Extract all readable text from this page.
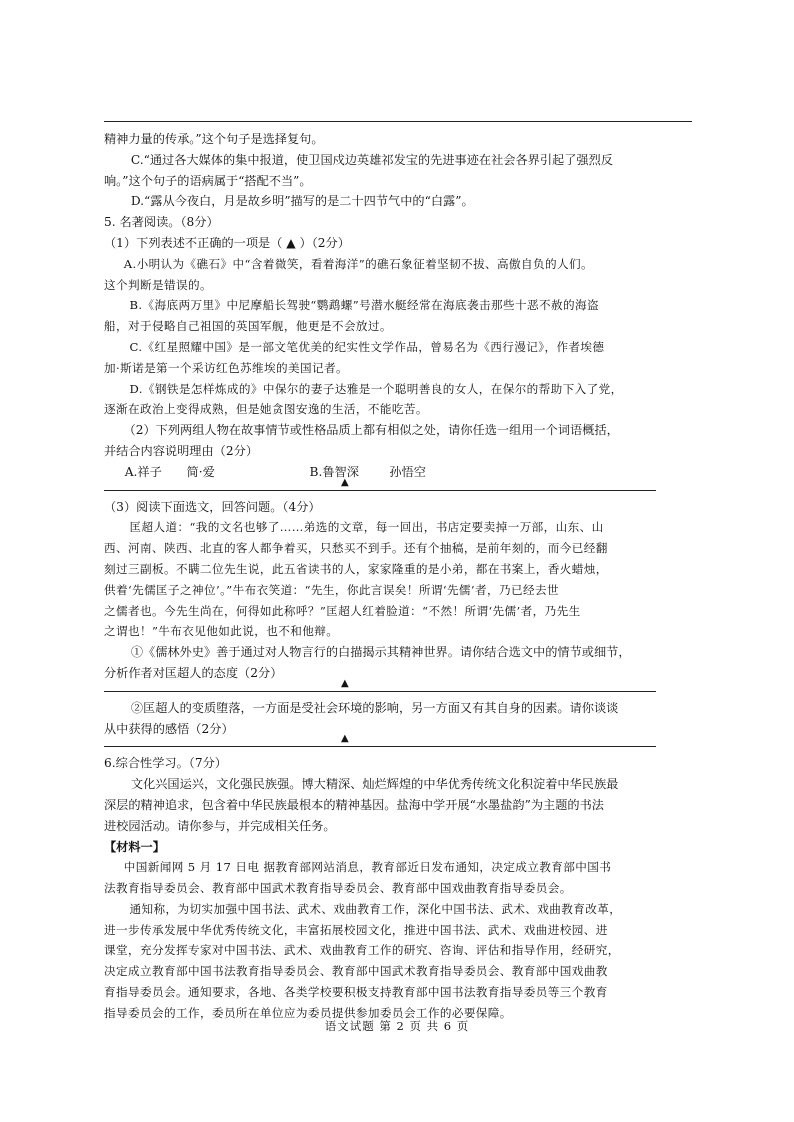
精神力量的传承。”这个句子是选择复句。

C.“通过各大媒体的集中报道，使卫国戍边英雄祁发宝的先进事迹在社会各界引起了强烈反

响。”这个句子的语病属于“搭配不当”。

D.“露从今夜白，月是故乡明”描写的是二十四节气中的“白露”。

5. 名著阅读。（8分）

（1）下列表述不正确的一项是（ ▲ ）（2分）

A.小明认为《礁石》中“含着微笑，看着海洋”的礁石象征着坚韧不拔、高傲自负的人们。

这个判断是错误的。

B.《海底两万里》中尼摩船长驾驶“鹦鹉螺”号潜水艇经常在海底袭击那些十恶不赦的海盗

船，对于侵略自己祖国的英国军舰，他更是不会放过。

C.《红星照耀中国》是一部文笔优美的纪实性文学作品，曾易名为《西行漫记》，作者埃德

加·斯诺是第一个采访红色苏维埃的美国记者。

D.《钢铁是怎样炼成的》中保尔的妻子达雅是一个聪明善良的女人，在保尔的帮助下入了党，

逐渐在政治上变得成熟，但是她贪图安逸的生活，不能吃苦。

（2）下列两组人物在故事情节或性格品质上都有相似之处，请你任选一组用一个词语概括，

并结合内容说明理由（2分）

A.祥子 简·爱	B.鲁智深 孙悟空

▲

（3）阅读下面选文，回答问题。（4分）

匡超人道：“我的文名也够了……弟选的文章，每一回出，书店定要卖掉一万部，山东、山

西、河南、陕西、北直的客人都争着买，只愁买不到手。还有个抽稿，是前年刻的，而今已经翻

刻过三副板。不瞒二位先生说，此五省读书的人，家家隆重的是小弟，都在书案上，香火蜡烛，

供着‘先儒匡子之神位’。”牛布衣笑道：“先生，你此言误矣！所谓‘先儒’者，乃已经去世

之儒者也。今先生尚在，何得如此称呼？”匡超人红着脸道：“不然！所谓‘先儒’者，乃先生

之谓也！”牛布衣见他如此说，也不和他辩。

①《儒林外史》善于通过对人物言行的白描揭示其精神世界。请你结合选文中的情节或细节，

分析作者对匡超人的态度（2分）

▲

②匡超人的变质堕落，一方面是受社会环境的影响，另一方面又有其自身的因素。请你谈谈

从中获得的感悟（2分）

▲

6.综合性学习。（7分）

文化兴国运兴，文化强民族强。博大精深、灿烂辉煌的中华优秀传统文化积淀着中华民族最

深层的精神追求，包含着中华民族最根本的精神基因。盐海中学开展“水墨盐韵”为主题的书法

进校园活动。请你参与，并完成相关任务。

【材料一】

中国新闻网 5 月 17 日电 据教育部网站消息，教育部近日发布通知，决定成立教育部中国书

法教育指导委员会、教育部中国武术教育指导委员会、教育部中国戏曲教育指导委员会。

通知称，为切实加强中国书法、武术、戏曲教育工作，深化中国书法、武术、戏曲教育改革，

进一步传承发展中华优秀传统文化，丰富拓展校园文化，推进中国书法、武术、戏曲进校园、进

课堂，充分发挥专家对中国书法、武术、戏曲教育工作的研究、咨询、评估和指导作用，经研究，

决定成立教育部中国书法教育指导委员会、教育部中国武术教育指导委员会、教育部中国戏曲教

育指导委员会。通知要求，各地、各类学校要积极支持教育部中国书法教育指导委员等三个教育

指导委员会的工作，委员所在单位应为委员提供参加委员会工作的必要保障。

语文试题 第 2 页 共 6 页
